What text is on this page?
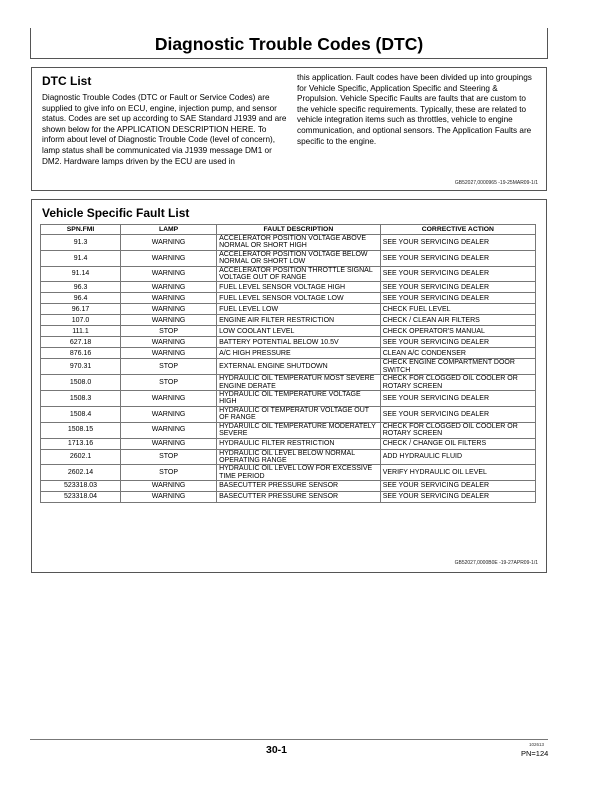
Diagnostic Trouble Codes (DTC)
DTC List
Diagnostic Trouble Codes (DTC or Fault or Service Codes) are supplied to give info on ECU, engine, injection pump, and sensor status. Codes are set up according to SAE Standard J1939 and are shown below for the APPLICATION DESCRIPTION HERE. To inform about level of Diagnostic Trouble Code (level of concern), lamp status shall be communicated via J1939 message DM1 or DM2. Hardware lamps driven by the ECU are used in
this application. Fault codes have been divided up into groupings for Vehicle Specific, Application Specific and Steering & Propulsion. Vehicle Specific Faults are faults that are custom to the vehicle specific requirements. Typically, these are related to vehicle integration items such as throttles, vehicle to engine communication, and optional sensors. The Application Faults are specific to the engine.
GB52027,0000965 -19-25MAR09-1/1
Vehicle Specific Fault List
SPN.FMI	LAMP	FAULT DESCRIPTION	CORRECTIVE ACTION
91.3	WARNING	ACCELERATOR POSITION VOLTAGE ABOVE NORMAL OR SHORT HIGH	SEE YOUR SERVICING DEALER
91.4	WARNING	ACCELERATOR POSITION VOLTAGE BELOW NORMAL OR SHORT LOW	SEE YOUR SERVICING DEALER
91.14	WARNING	ACCELERATOR POSITION THROTTLE SIGNAL VOLTAGE OUT OF RANGE	SEE YOUR SERVICING DEALER
96.3	WARNING	FUEL LEVEL SENSOR VOLTAGE HIGH	SEE YOUR SERVICING DEALER
96.4	WARNING	FUEL LEVEL SENSOR VOLTAGE LOW	SEE YOUR SERVICING DEALER
96.17	WARNING	FUEL LEVEL LOW	CHECK FUEL LEVEL
107.0	WARNING	ENGINE AIR FILTER RESTRICTION	CHECK / CLEAN AIR FILTERS
111.1	STOP	LOW COOLANT LEVEL	CHECK OPERATOR'S MANUAL
627.18	WARNING	BATTERY POTENTIAL BELOW 10.5V	SEE YOUR SERVICING DEALER
876.16	WARNING	A/C HIGH PRESSURE	CLEAN A/C CONDENSER
970.31	STOP	EXTERNAL ENGINE SHUTDOWN	CHECK ENGINE COMPARTMENT DOOR SWITCH
1508.0	STOP	HYDRAULIC OIL TEMPERATUR MOST SEVERE ENGINE DERATE	CHECK FOR CLOGGED OIL COOLER OR ROTARY SCREEN
1508.3	WARNING	HYDRAULIC OIL TEMPERATURE VOLTAGE HIGH	SEE YOUR SERVICING DEALER
1508.4	WARNING	HYDRAULIC OI TEMPERATUR VOLTAGE OUT OF RANGE	SEE YOUR SERVICING DEALER
1508.15	WARNING	HYDARUILC OIL TEMPERATURE MODERATELY SEVERE	CHECK FOR CLOGGED OIL COOLER OR ROTARY SCREEN
1713.16	WARNING	HYDRAULIC FILTER RESTRICTION	CHECK / CHANGE OIL FILTERS
2602.1	STOP	HYDRAULIC OIL LEVEL BELOW NORMAL OPERATING RANGE	ADD HYDRAULIC FLUID
2602.14	STOP	HYDRAULIC OIL LEVEL LOW FOR EXCESSIVE TIME PERIOD	VERIFY HYDRAULIC OIL LEVEL
523318.03	WARNING	BASECUTTER PRESSURE SENSOR	SEE YOUR SERVICING DEALER
523318.04	WARNING	BASECUTTER PRESSURE SENSOR	SEE YOUR SERVICING DEALER
GB52027,0000B0E -19-27APR09-1/1
30-1	102613
PN=124
